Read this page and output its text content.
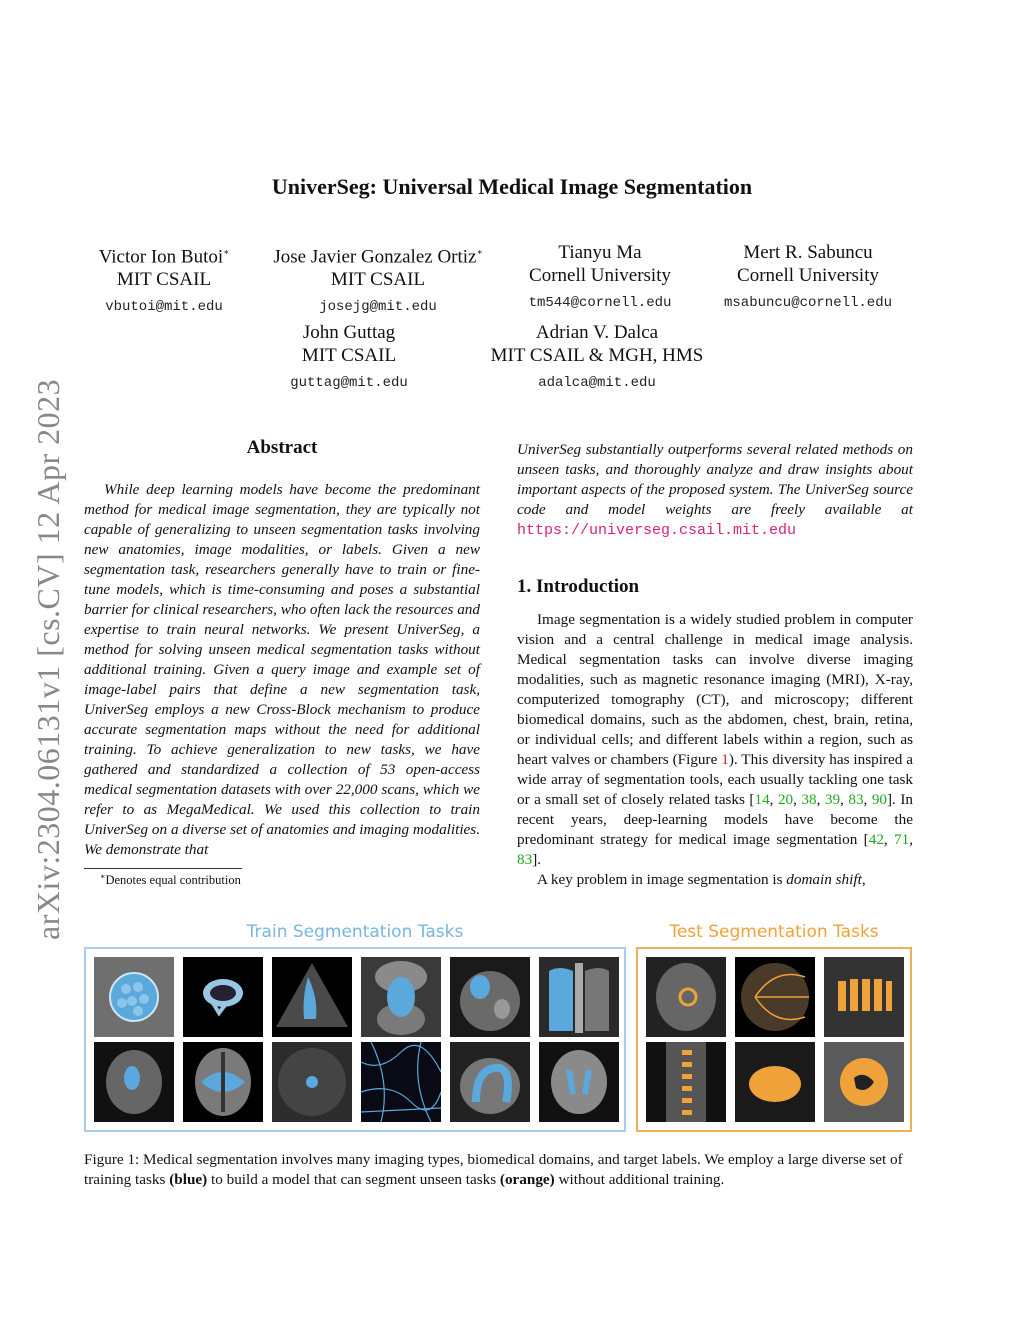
arXiv:2304.06131v1 [cs.CV] 12 Apr 2023
UniverSeg: Universal Medical Image Segmentation
Victor Ion Butoi∗
MIT CSAIL
vbutoi@mit.edu
Jose Javier Gonzalez Ortiz∗
MIT CSAIL
josejg@mit.edu
Tianyu Ma
Cornell University
tm544@cornell.edu
Mert R. Sabuncu
Cornell University
msabuncu@cornell.edu
John Guttag
MIT CSAIL
guttag@mit.edu
Adrian V. Dalca
MIT CSAIL & MGH, HMS
adalca@mit.edu
Abstract
While deep learning models have become the predominant method for medical image segmentation, they are typically not capable of generalizing to unseen segmentation tasks involving new anatomies, image modalities, or labels. Given a new segmentation task, researchers generally have to train or fine-tune models, which is time-consuming and poses a substantial barrier for clinical researchers, who often lack the resources and expertise to train neural networks. We present UniverSeg, a method for solving unseen medical segmentation tasks without additional training. Given a query image and example set of image-label pairs that define a new segmentation task, UniverSeg employs a new Cross-Block mechanism to produce accurate segmentation maps without the need for additional training. To achieve generalization to new tasks, we have gathered and standardized a collection of 53 open-access medical segmentation datasets with over 22,000 scans, which we refer to as MegaMedical. We used this collection to train UniverSeg on a diverse set of anatomies and imaging modalities. We demonstrate that
∗Denotes equal contribution
UniverSeg substantially outperforms several related methods on unseen tasks, and thoroughly analyze and draw insights about important aspects of the proposed system. The UniverSeg source code and model weights are freely available at https://universeg.csail.mit.edu
1. Introduction

Image segmentation is a widely studied problem in computer vision and a central challenge in medical image analysis. Medical segmentation tasks can involve diverse imaging modalities, such as magnetic resonance imaging (MRI), X-ray, computerized tomography (CT), and microscopy; different biomedical domains, such as the abdomen, chest, brain, retina, or individual cells; and different labels within a region, such as heart valves or chambers (Figure 1). This diversity has inspired a wide array of segmentation tools, each usually tackling one task or a small set of closely related tasks [14, 20, 38, 39, 83, 90]. In recent years, deep-learning models have become the predominant strategy for medical image segmentation [42, 71, 83].

A key problem in image segmentation is domain shift,

Train Segmentation Tasks	Test Segmentation Tasks
Figure 1: Medical segmentation involves many imaging types, biomedical domains, and target labels. We employ a large diverse set of training tasks (blue) to build a model that can segment unseen tasks (orange) without additional training.
